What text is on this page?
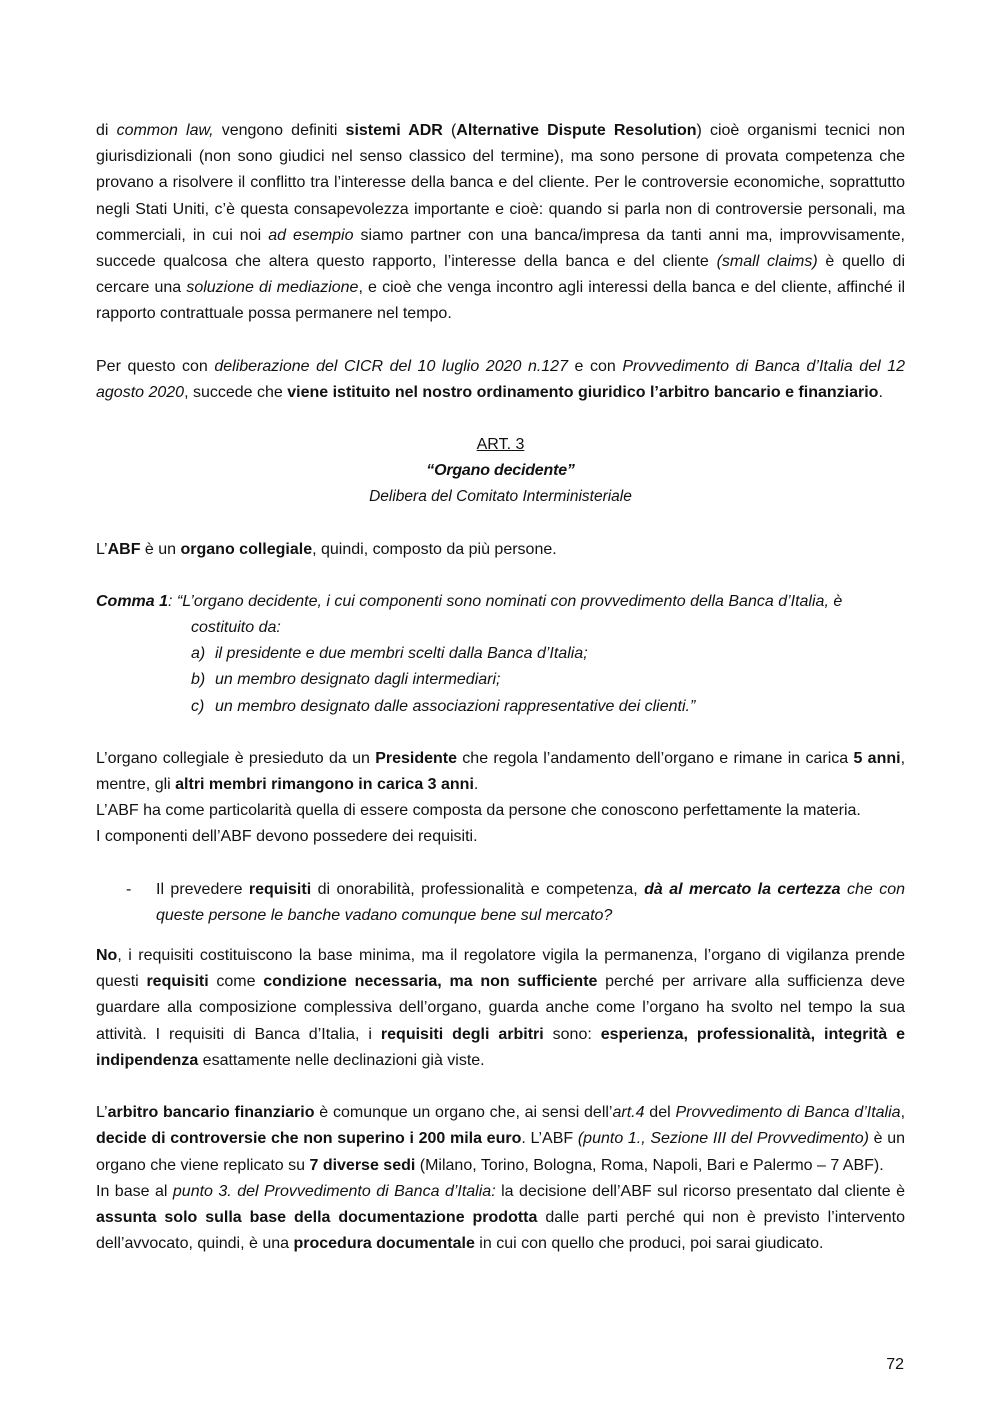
di common law, vengono definiti sistemi ADR (Alternative Dispute Resolution) cioè organismi tecnici non giurisdizionali (non sono giudici nel senso classico del termine), ma sono persone di provata competenza che provano a risolvere il conflitto tra l’interesse della banca e del cliente. Per le controversie economiche, soprattutto negli Stati Uniti, c’è questa consapevolezza importante e cioè: quando si parla non di controversie personali, ma commerciali, in cui noi ad esempio siamo partner con una banca/impresa da tanti anni ma, improvvisamente, succede qualcosa che altera questo rapporto, l’interesse della banca e del cliente (small claims) è quello di cercare una soluzione di mediazione, e cioè che venga incontro agli interessi della banca e del cliente, affinché il rapporto contrattuale possa permanere nel tempo.

Per questo con deliberazione del CICR del 10 luglio 2020 n.127 e con Provvedimento di Banca d’Italia del 12 agosto 2020, succede che viene istituito nel nostro ordinamento giuridico l’arbitro bancario e finanziario.

ART. 3
“Organo decidente”
Delibera del Comitato Interministeriale

L’ABF è un organo collegiale, quindi, composto da più persone.

Comma 1: “L’organo decidente, i cui componenti sono nominati con provvedimento della Banca d’Italia, è

costituito da:

a) il presidente e due membri scelti dalla Banca d’Italia;
b) un membro designato dagli intermediari;
c) un membro designato dalle associazioni rappresentative dei clienti.”

L’organo collegiale è presieduto da un Presidente che regola l’andamento dell’organo e rimane in carica 5 anni, mentre, gli altri membri rimangono in carica 3 anni.

L’ABF ha come particolarità quella di essere composta da persone che conoscono perfettamente la materia.

I componenti dell’ABF devono possedere dei requisiti.

-	Il prevedere requisiti di onorabilità, professionalità e competenza, dà al mercato la certezza che con queste persone le banche vadano comunque bene sul mercato?

No, i requisiti costituiscono la base minima, ma il regolatore vigila la permanenza, l’organo di vigilanza prende questi requisiti come condizione necessaria, ma non sufficiente perché per arrivare alla sufficienza deve guardare alla composizione complessiva dell’organo, guarda anche come l’organo ha svolto nel tempo la sua attività. I requisiti di Banca d’Italia, i requisiti degli arbitri sono: esperienza, professionalità, integrità e indipendenza esattamente nelle declinazioni già viste.

L’arbitro bancario finanziario è comunque un organo che, ai sensi dell’art.4 del Provvedimento di Banca d’Italia, decide di controversie che non superino i 200 mila euro. L’ABF (punto 1., Sezione III del Provvedimento) è un organo che viene replicato su 7 diverse sedi (Milano, Torino, Bologna, Roma, Napoli, Bari e Palermo – 7 ABF).

In base al punto 3. del Provvedimento di Banca d’Italia: la decisione dell’ABF sul ricorso presentato dal cliente è assunta solo sulla base della documentazione prodotta dalle parti perché qui non è previsto l’intervento dell’avvocato, quindi, è una procedura documentale in cui con quello che produci, poi sarai giudicato.

72
